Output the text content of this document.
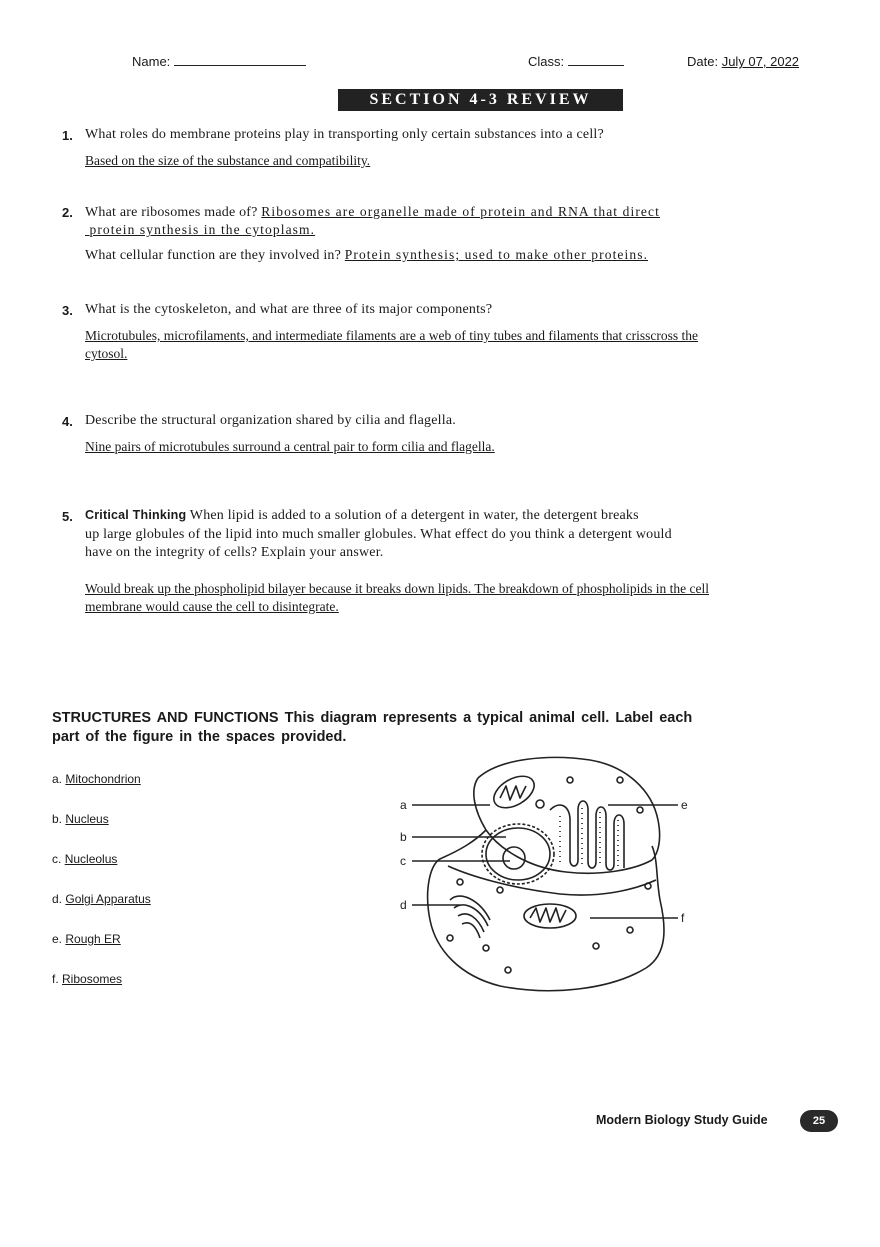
Name:	Class:	Date: July 07, 2022
SECTION 4-3 REVIEW
1. What roles do membrane proteins play in transporting only certain substances into a cell?
Based on the size of the substance and compatibility.
2. What are ribosomes made of? Ribosomes are organelle made of protein and RNA that direct
protein synthesis in the cytoplasm.
What cellular function are they involved in? Protein synthesis; used to make other proteins.
3. What is the cytoskeleton, and what are three of its major components?
Microtubules, microfilaments, and intermediate filaments are a web of tiny tubes and filaments that crisscross the
cytosol.
4. Describe the structural organization shared by cilia and flagella.
Nine pairs of microtubules surround a central pair to form cilia and flagella.
5. Critical Thinking When lipid is added to a solution of a detergent in water, the detergent breaks
up large globules of the lipid into much smaller globules. What effect do you think a detergent would
have on the integrity of cells? Explain your answer.
Would break up the phospholipid bilayer because it breaks down lipids. The breakdown of phospholipids in the cell
membrane would cause the cell to disintegrate.
STRUCTURES AND FUNCTIONS This diagram represents a typical animal cell. Label each
part of the figure in the spaces provided.
a. Mitochondrion
b. Nucleus
c. Nucleolus
d. Golgi Apparatus
e. Rough ER
f. Ribosomes
a
b
c
d
e
f
Modern Biology Study Guide	25
